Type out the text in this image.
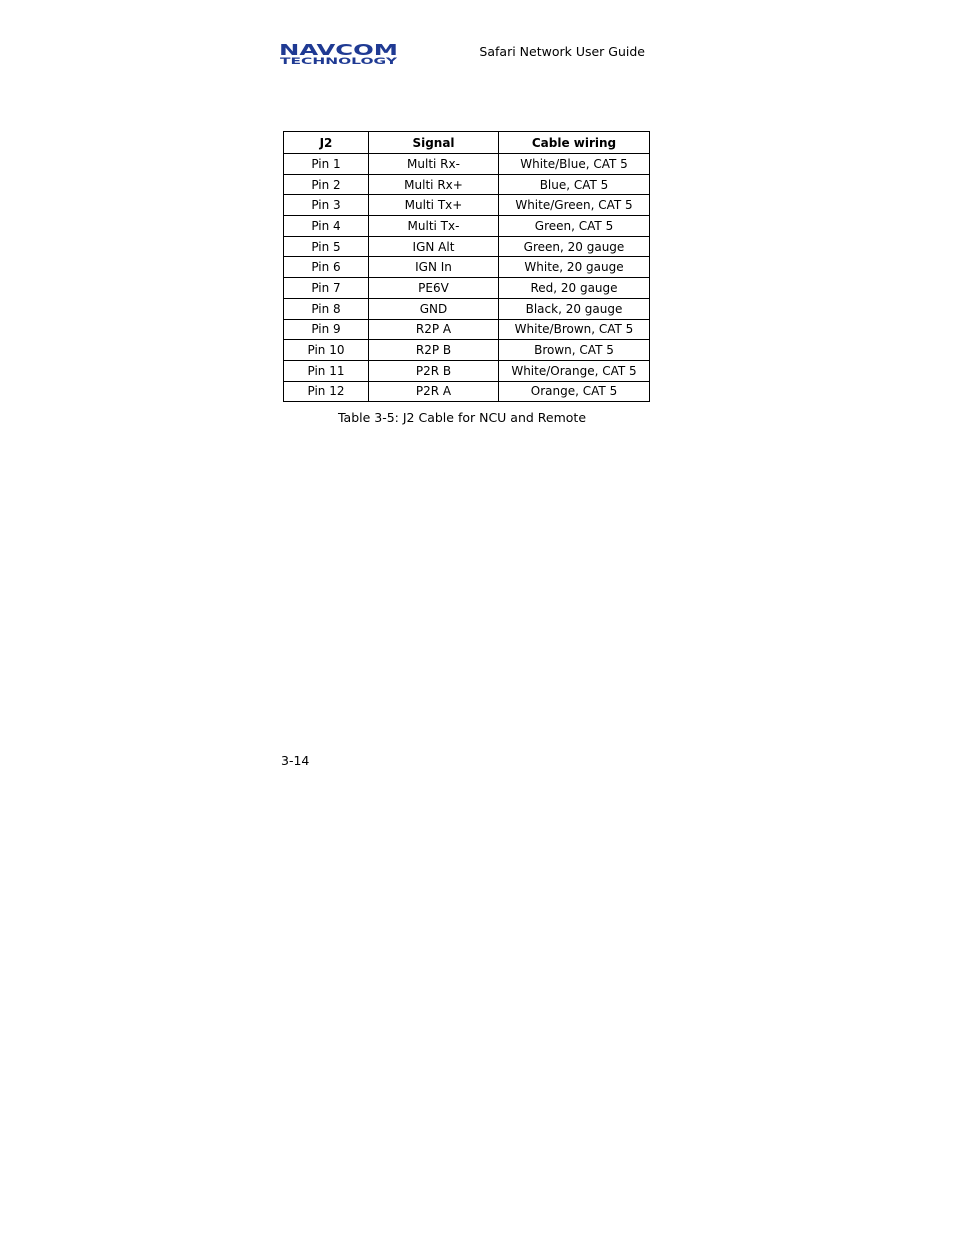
NAVCOM
TECHNOLOGY
Safari Network User Guide
J2	Signal	Cable wiring
Pin 1	Multi Rx-	White/Blue, CAT 5
Pin 2	Multi Rx+	Blue, CAT 5
Pin 3	Multi Tx+	White/Green, CAT 5
Pin 4	Multi Tx-	Green, CAT 5
Pin 5	IGN Alt	Green, 20 gauge
Pin 6	IGN In	White, 20 gauge
Pin 7	PE6V	Red, 20 gauge
Pin 8	GND	Black, 20 gauge
Pin 9	R2P A	White/Brown, CAT 5
Pin 10	R2P B	Brown, CAT 5
Pin 11	P2R B	White/Orange, CAT 5
Pin 12	P2R A	Orange, CAT 5
Table 3-5: J2 Cable for NCU and Remote
3-14
